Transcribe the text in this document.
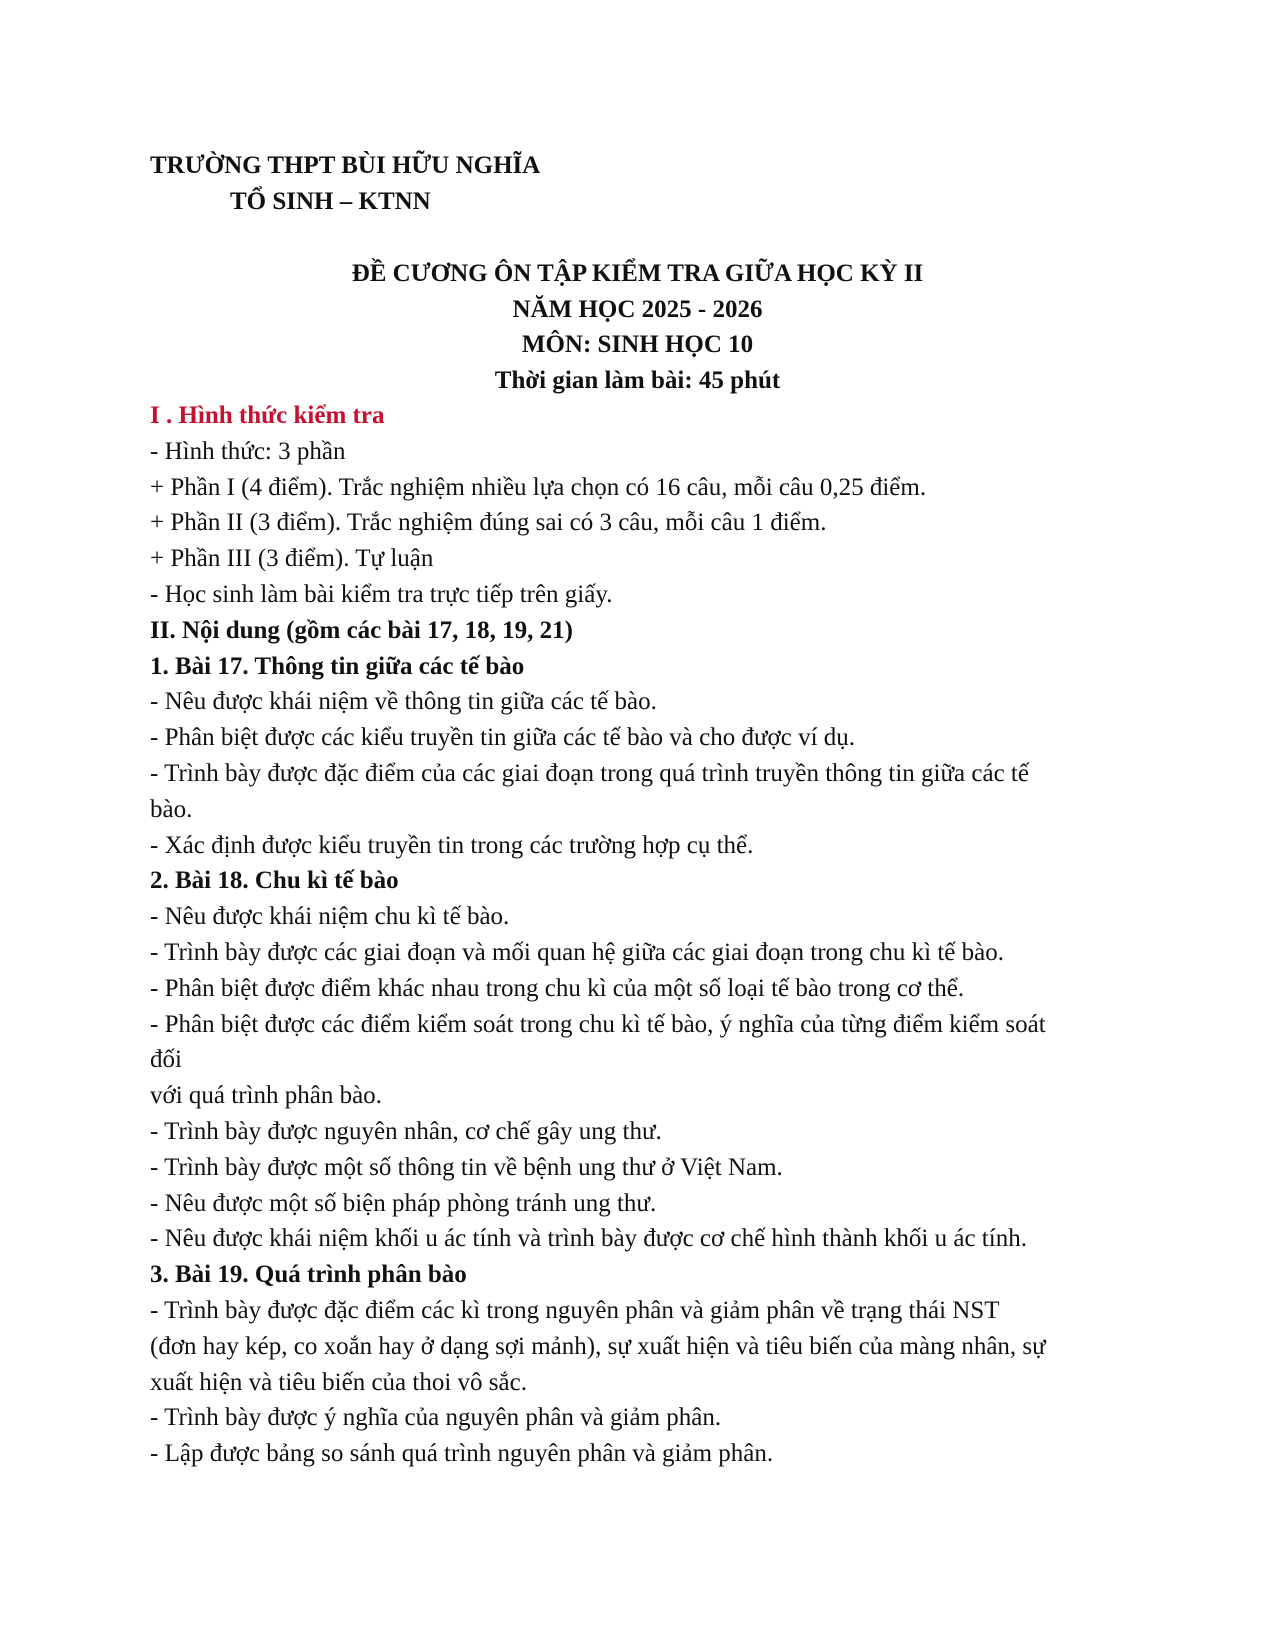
TRƯỜNG THPT BÙI HỮU NGHĨA
TỔ SINH – KTNN
ĐỀ CƯƠNG ÔN TẬP KIỂM TRA GIỮA HỌC KỲ II
NĂM HỌC 2025 - 2026
MÔN: SINH HỌC 10
Thời gian làm bài: 45 phút
I . Hình thức kiểm tra
- Hình thức: 3 phần
+ Phần I (4 điểm). Trắc nghiệm nhiều lựa chọn có 16 câu, mỗi câu 0,25 điểm.
+ Phần II (3 điểm). Trắc nghiệm đúng sai có 3 câu, mỗi câu 1 điểm.
+ Phần III (3 điểm). Tự luận
- Học sinh làm bài kiểm tra trực tiếp trên giấy.
II. Nội dung (gồm các bài 17, 18, 19, 21)
1. Bài 17. Thông tin giữa các tế bào
- Nêu được khái niệm về thông tin giữa các tế bào.
- Phân biệt được các kiểu truyền tin giữa các tế bào và cho được ví dụ.
- Trình bày được đặc điểm của các giai đoạn trong quá trình truyền thông tin giữa các tế
bào.
- Xác định được kiểu truyền tin trong các trường hợp cụ thể.
2. Bài 18. Chu kì tế bào
- Nêu được khái niệm chu kì tế bào.
- Trình bày được các giai đoạn và mối quan hệ giữa các giai đoạn trong chu kì tế bào.
- Phân biệt được điểm khác nhau trong chu kì của một số loại tế bào trong cơ thể.
- Phân biệt được các điểm kiểm soát trong chu kì tế bào, ý nghĩa của từng điểm kiểm soát
đối
với quá trình phân bào.
- Trình bày được nguyên nhân, cơ chế gây ung thư.
- Trình bày được một số thông tin về bệnh ung thư ở Việt Nam.
- Nêu được một số biện pháp phòng tránh ung thư.
- Nêu được khái niệm khối u ác tính và trình bày được cơ chế hình thành khối u ác tính.
3. Bài 19. Quá trình phân bào
- Trình bày được đặc điểm các kì trong nguyên phân và giảm phân về trạng thái NST
(đơn hay kép, co xoắn hay ở dạng sợi mảnh), sự xuất hiện và tiêu biến của màng nhân, sự
xuất hiện và tiêu biến của thoi vô sắc.
- Trình bày được ý nghĩa của nguyên phân và giảm phân.
- Lập được bảng so sánh quá trình nguyên phân và giảm phân.
